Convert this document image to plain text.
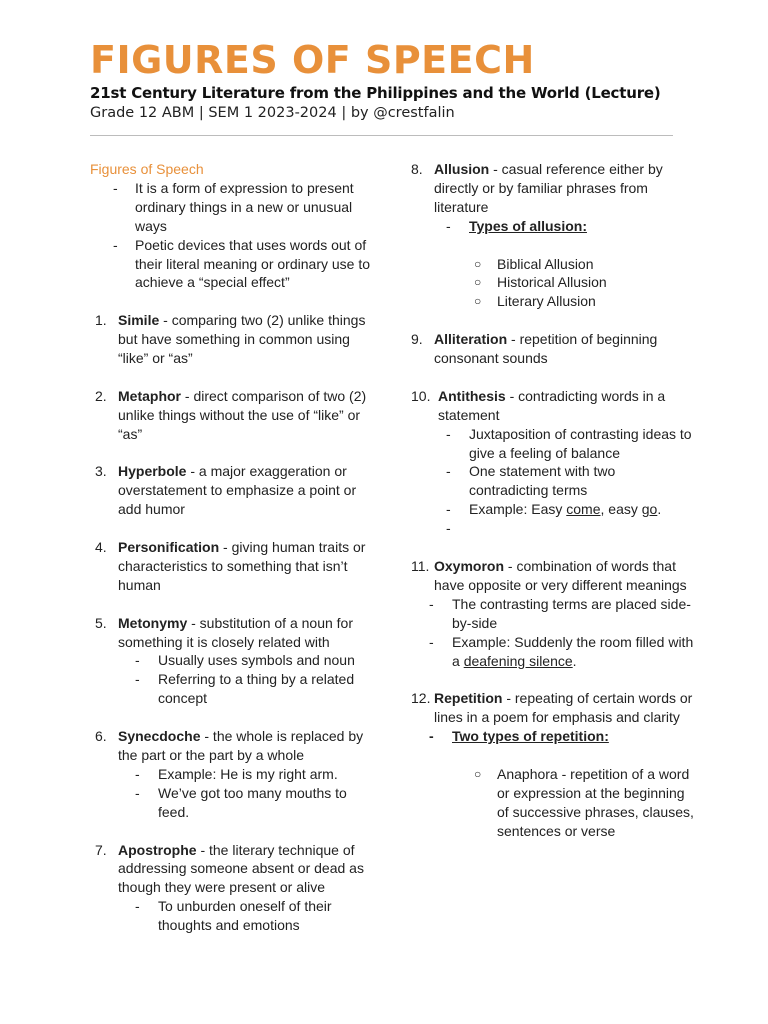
FIGURES OF SPEECH
21st Century Literature from the Philippines and the World (Lecture)
Grade 12 ABM | SEM 1 2023-2024 | by @crestfalin
Figures of Speech
- It is a form of expression to present ordinary things in a new or unusual ways
- Poetic devices that uses words out of their literal meaning or ordinary use to achieve a “special effect”
1. Simile - comparing two (2) unlike things but have something in common using “like” or “as”
2. Metaphor - direct comparison of two (2) unlike things without the use of “like” or “as”
3. Hyperbole - a major exaggeration or overstatement to emphasize a point or add humor
4. Personification - giving human traits or characteristics to something that isn’t human
5. Metonymy - substitution of a noun for something it is closely related with
- Usually uses symbols and noun
- Referring to a thing by a related concept
6. Synecdoche - the whole is replaced by the part or the part by a whole
- Example: He is my right arm.
- We’ve got too many mouths to feed.
7. Apostrophe - the literary technique of addressing someone absent or dead as though they were present or alive
- To unburden oneself of their thoughts and emotions
8. Allusion - casual reference either by directly or by familiar phrases from literature
- Types of allusion:
○ Biblical Allusion
○ Historical Allusion
○ Literary Allusion
9. Alliteration - repetition of beginning consonant sounds
10. Antithesis - contradicting words in a statement
- Juxtaposition of contrasting ideas to give a feeling of balance
- One statement with two contradicting terms
- Example: Easy come, easy go.
-

11. Oxymoron - combination of words that have opposite or very different meanings
- The contrasting terms are placed side-by-side
- Example: Suddenly the room filled with a deafening silence.
12. Repetition - repeating of certain words or lines in a poem for emphasis and clarity
- Two types of repetition:
○ Anaphora - repetition of a word or expression at the beginning of successive phrases, clauses, sentences or verse
